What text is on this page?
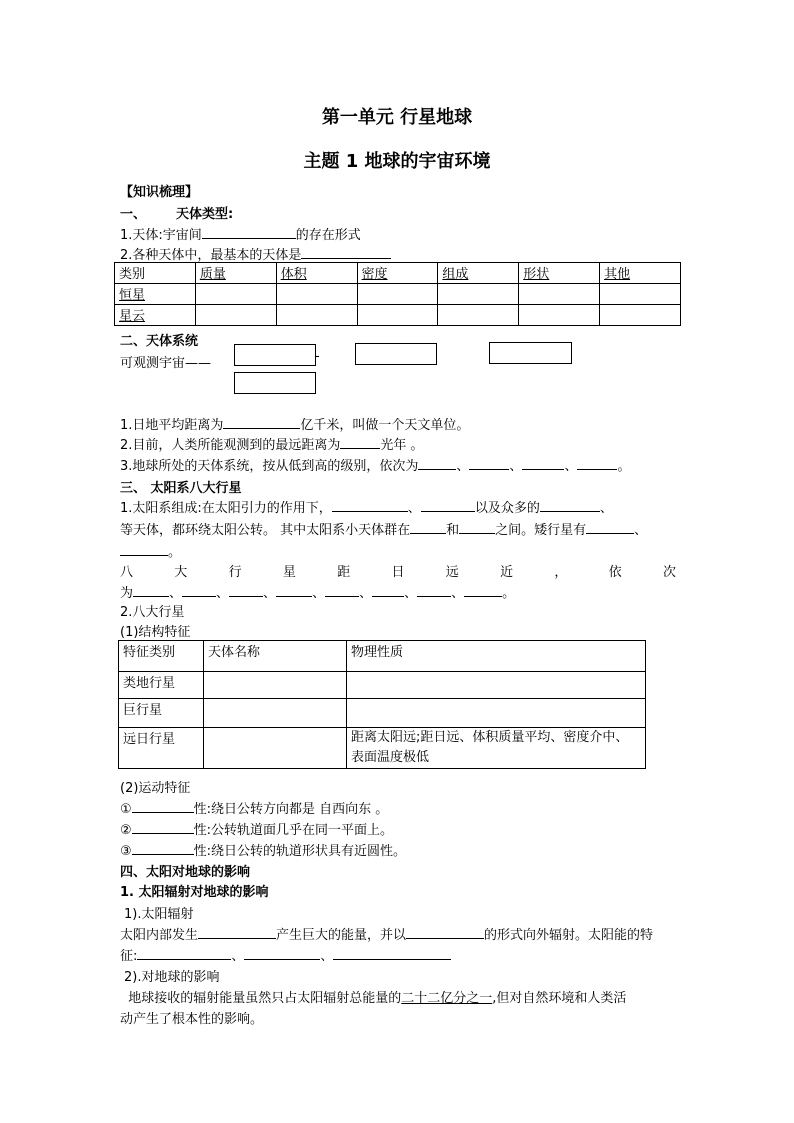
第一单元 行星地球
主题 1 地球的宇宙环境
【知识梳理】
一、 天体类型:
1.天体:宇宙间	的存在形式
2.各种天体中，最基本的天体是
类别	质量	体积	密度	组成	形状	其他
恒星						
星云						
二、天体系统
可观测宇宙——	-
1.日地平均距离为	亿千米，叫做一个天文单位。
2.目前，人类所能观测到的最远距离为	光年 。
3.地球所处的天体系统，按从低到高的级别，依次为	、	、	、	。
三、 太阳系八大行星
1.太阳系组成:在太阳引力的作用下，	、	以及众多的	、
等天体，都环绕太阳公转。 其中太阳系小天体群在	和	之间。矮行星有	、
。
八	大	行	星	距	日	远	近	，	依	次
为	、	、	、	、	、 、	、	。
2.八大行星
(1)结构特征
特征类别	天体名称	物理性质
类地行星		
巨行星		
远日行星		距离太阳远;距日远、体积质量平均、密度介中、表面温度极低
(2)运动特征
①	性:绕日公转方向都是 自西向东 。
②	性:公转轨道面几乎在同一平面上。
③	性:绕日公转的轨道形状具有近圆性。
四、太阳对地球的影响
1. 太阳辐射对地球的影响
1).太阳辐射
太阳内部发生	产生巨大的能量，并以	的形式向外辐射。太阳能的特
征:	、	、
2).对地球的影响
地球接收的辐射能量虽然只占太阳辐射总能量的二十二亿分之一,但对自然环境和人类活
动产生了根本性的影响。
